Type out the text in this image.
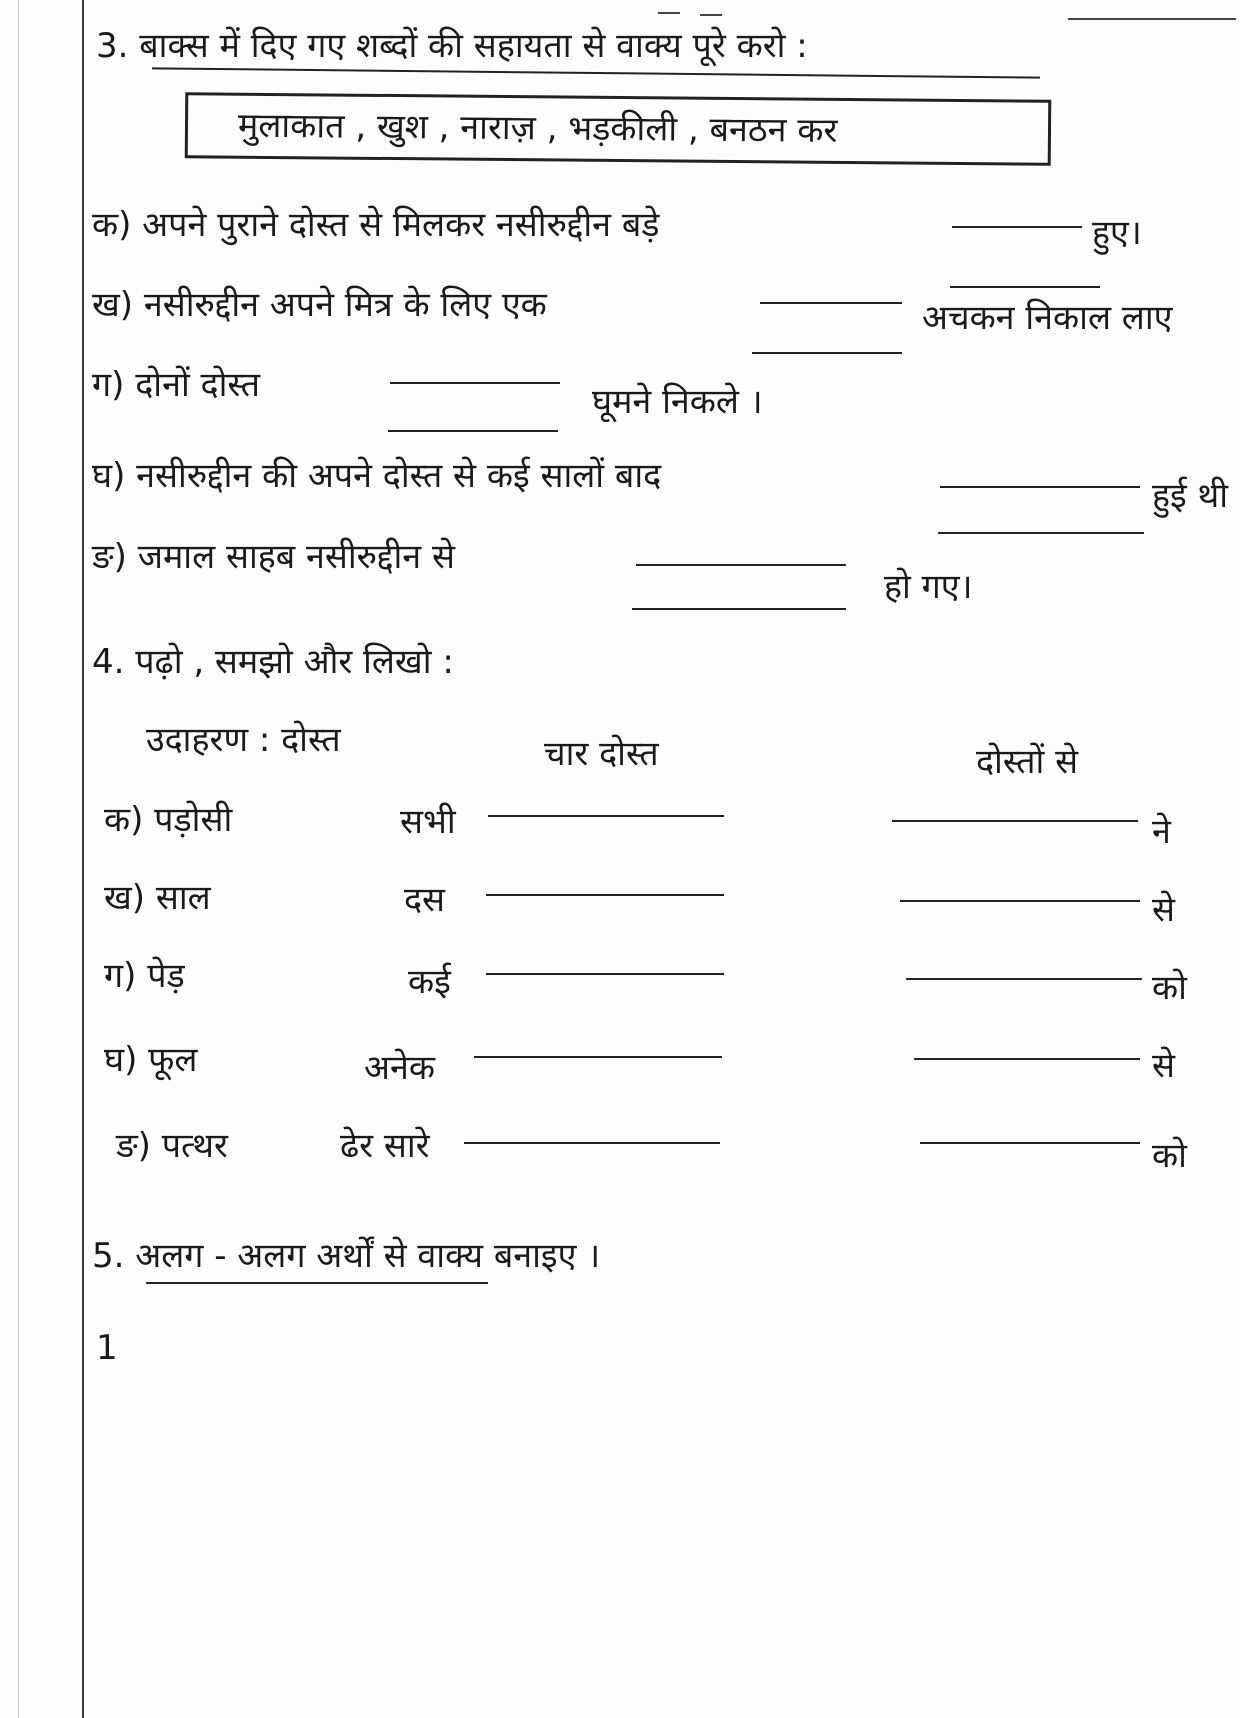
3. बाक्स में दिए गए शब्दों की सहायता से वाक्य पूरे करो :
मुलाकात , खुश , नाराज़ , भड़कीली , बनठन कर
क) अपने पुराने दोस्त से मिलकर नसीरुद्दीन बड़े	हुए।
ख) नसीरुद्दीन अपने मित्र के लिए एक	अचकन निकाल लाए
ग) दोनों दोस्त	घूमने निकले ।
घ) नसीरुद्दीन की अपने दोस्त से कई सालों बाद	हुई थी
ङ) जमाल साहब नसीरुद्दीन से
हो गए।
4. पढ़ो , समझो और लिखो :
उदाहरण : दोस्त	चार दोस्त	दोस्तों से
क) पड़ोसी	सभी	ने
ख) साल	दस	से
ग) पेड़	कई	को
घ) फूल	अनेक	से
ङ) पत्थर	ढेर सारे	को
5. अलग - अलग अर्थों से वाक्य बनाइए ।
1
